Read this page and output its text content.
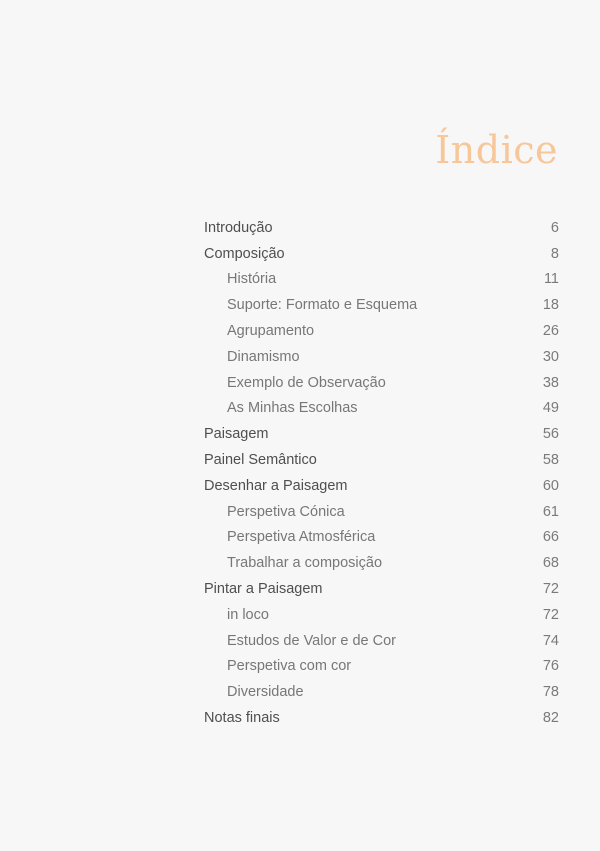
Índice
Introdução	6
Composição	8
História	11
Suporte: Formato e Esquema	18
Agrupamento	26
Dinamismo	30
Exemplo de Observação	38
As Minhas Escolhas	49
Paisagem	56
Painel Semântico	58
Desenhar a Paisagem	60
Perspetiva Cónica	61
Perspetiva Atmosférica	66
Trabalhar a composição	68
Pintar a Paisagem	72
in loco	72
Estudos de Valor e de Cor	74
Perspetiva com cor	76
Diversidade	78
Notas finais	82
